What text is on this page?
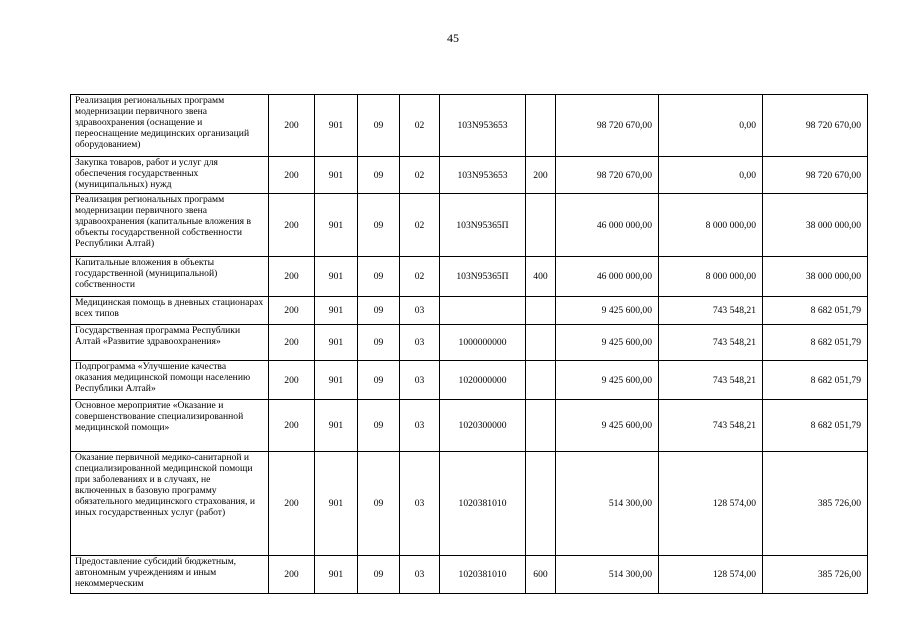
45
Реализация региональных программ модернизации первичного звена здравоохранения (оснащение и переоснащение медицинских организаций оборудованием)	200	901	09	02	103N953653		98 720 670,00	0,00	98 720 670,00
Закупка товаров, работ и услуг для обеспечения государственных (муниципальных) нужд	200	901	09	02	103N953653	200	98 720 670,00	0,00	98 720 670,00
Реализация региональных программ модернизации первичного звена здравоохранения (капитальные вложения в объекты государственной собственности Республики Алтай)	200	901	09	02	103N95365П		46 000 000,00	8 000 000,00	38 000 000,00
Капитальные вложения в объекты государственной (муниципальной) собственности	200	901	09	02	103N95365П	400	46 000 000,00	8 000 000,00	38 000 000,00
Медицинская помощь в дневных стационарах всех типов	200	901	09	03			9 425 600,00	743 548,21	8 682 051,79
Государственная программа Республики Алтай «Развитие здравоохранения»	200	901	09	03	1000000000		9 425 600,00	743 548,21	8 682 051,79
Подпрограмма «Улучшение качества оказания медицинской помощи населению Республики Алтай»	200	901	09	03	1020000000		9 425 600,00	743 548,21	8 682 051,79
Основное мероприятие «Оказание и совершенствование специализированной медицинской помощи»	200	901	09	03	1020300000		9 425 600,00	743 548,21	8 682 051,79
Оказание первичной медико-санитарной и специализированной медицинской помощи при заболеваниях и в случаях, не включенных в базовую программу обязательного медицинского страхования, и иных государственных услуг (работ)	200	901	09	03	1020381010		514 300,00	128 574,00	385 726,00
Предоставление субсидий бюджетным, автономным учреждениям и иным некоммерческим	200	901	09	03	1020381010	600	514 300,00	128 574,00	385 726,00
